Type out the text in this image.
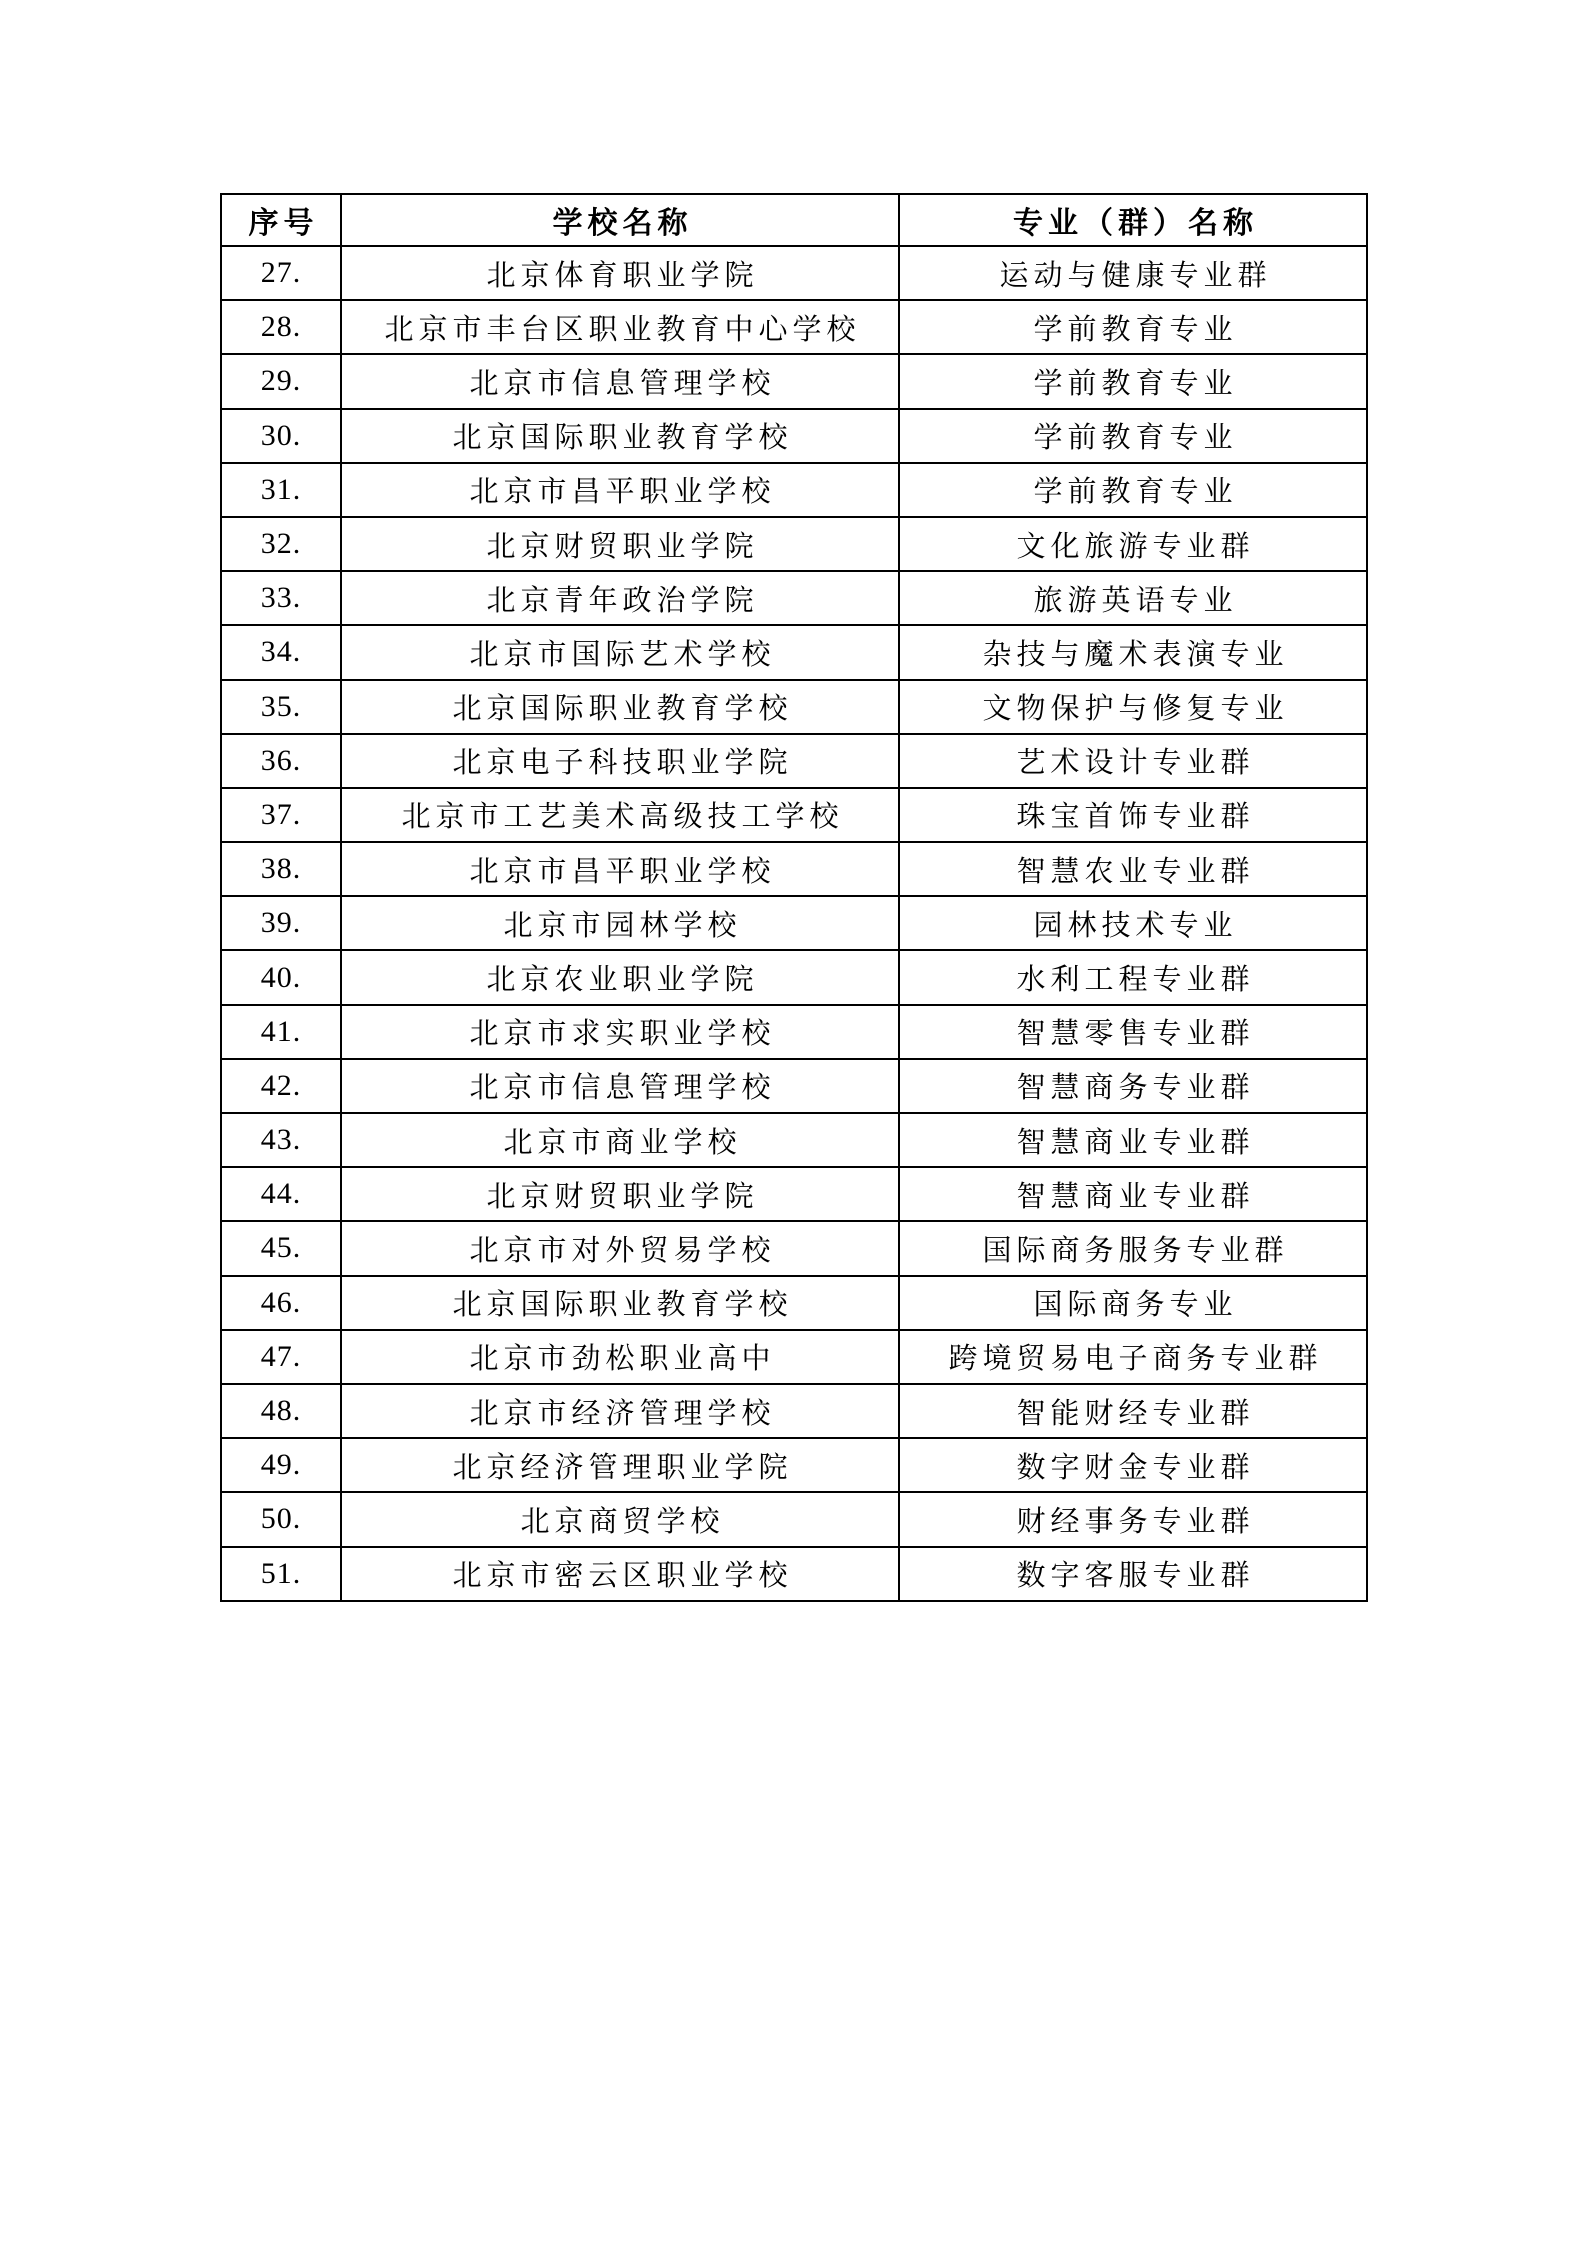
序号	学校名称	专业（群）名称
27.	北京体育职业学院	运动与健康专业群
28.	北京市丰台区职业教育中心学校	学前教育专业
29.	北京市信息管理学校	学前教育专业
30.	北京国际职业教育学校	学前教育专业
31.	北京市昌平职业学校	学前教育专业
32.	北京财贸职业学院	文化旅游专业群
33.	北京青年政治学院	旅游英语专业
34.	北京市国际艺术学校	杂技与魔术表演专业
35.	北京国际职业教育学校	文物保护与修复专业
36.	北京电子科技职业学院	艺术设计专业群
37.	北京市工艺美术高级技工学校	珠宝首饰专业群
38.	北京市昌平职业学校	智慧农业专业群
39.	北京市园林学校	园林技术专业
40.	北京农业职业学院	水利工程专业群
41.	北京市求实职业学校	智慧零售专业群
42.	北京市信息管理学校	智慧商务专业群
43.	北京市商业学校	智慧商业专业群
44.	北京财贸职业学院	智慧商业专业群
45.	北京市对外贸易学校	国际商务服务专业群
46.	北京国际职业教育学校	国际商务专业
47.	北京市劲松职业高中	跨境贸易电子商务专业群
48.	北京市经济管理学校	智能财经专业群
49.	北京经济管理职业学院	数字财金专业群
50.	北京商贸学校	财经事务专业群
51.	北京市密云区职业学校	数字客服专业群
